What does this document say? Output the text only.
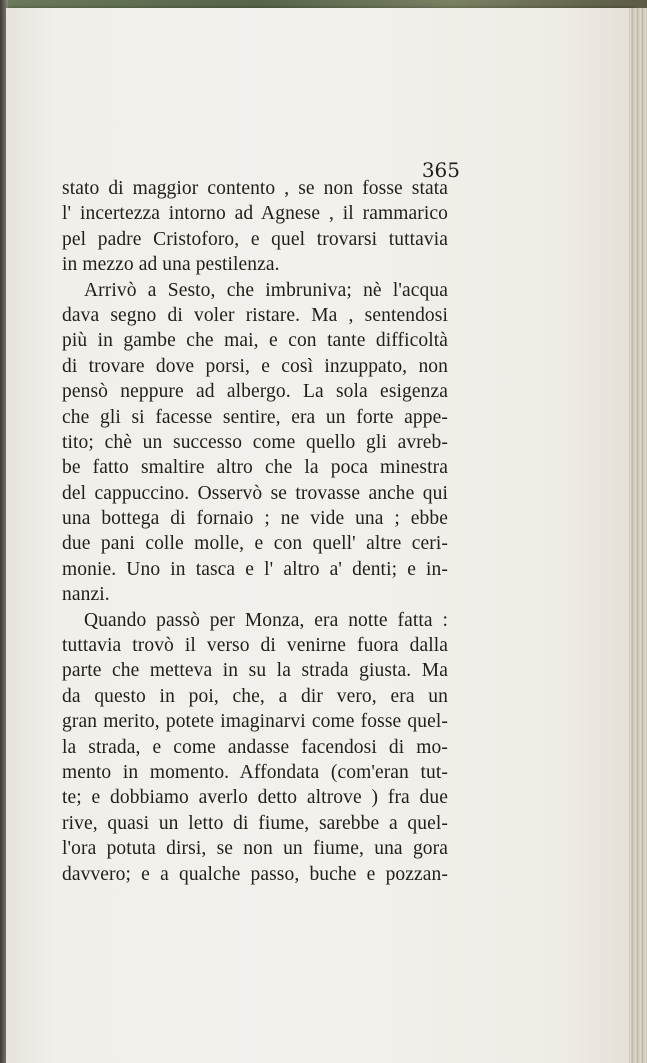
365
stato di maggior contento , se non fosse stata
l' incertezza intorno ad Agnese , il rammarico
pel padre Cristoforo, e quel trovarsi tuttavia
in mezzo ad una pestilenza.
Arrivò a Sesto, che imbruniva; nè l'acqua
dava segno di voler ristare. Ma , sentendosi
più in gambe che mai, e con tante difficoltà
di trovare dove porsi, e così inzuppato, non
pensò neppure ad albergo. La sola esigenza
che gli si facesse sentire, era un forte appe-
tito; chè un successo come quello gli avreb-
be fatto smaltire altro che la poca minestra
del cappuccino. Osservò se trovasse anche qui
una bottega di fornaio ; ne vide una ; ebbe
due pani colle molle, e con quell' altre ceri-
monie. Uno in tasca e l' altro a' denti; e in-
nanzi.
Quando passò per Monza, era notte fatta :
tuttavia trovò il verso di venirne fuora dalla
parte che metteva in su la strada giusta. Ma
da questo in poi, che, a dir vero, era un
gran merito, potete imaginarvi come fosse quel-
la strada, e come andasse facendosi di mo-
mento in momento. Affondata (com'eran tut-
te; e dobbiamo averlo detto altrove ) fra due
rive, quasi un letto di fiume, sarebbe a quel-
l'ora potuta dirsi, se non un fiume, una gora
davvero; e a qualche passo, buche e pozzan-
